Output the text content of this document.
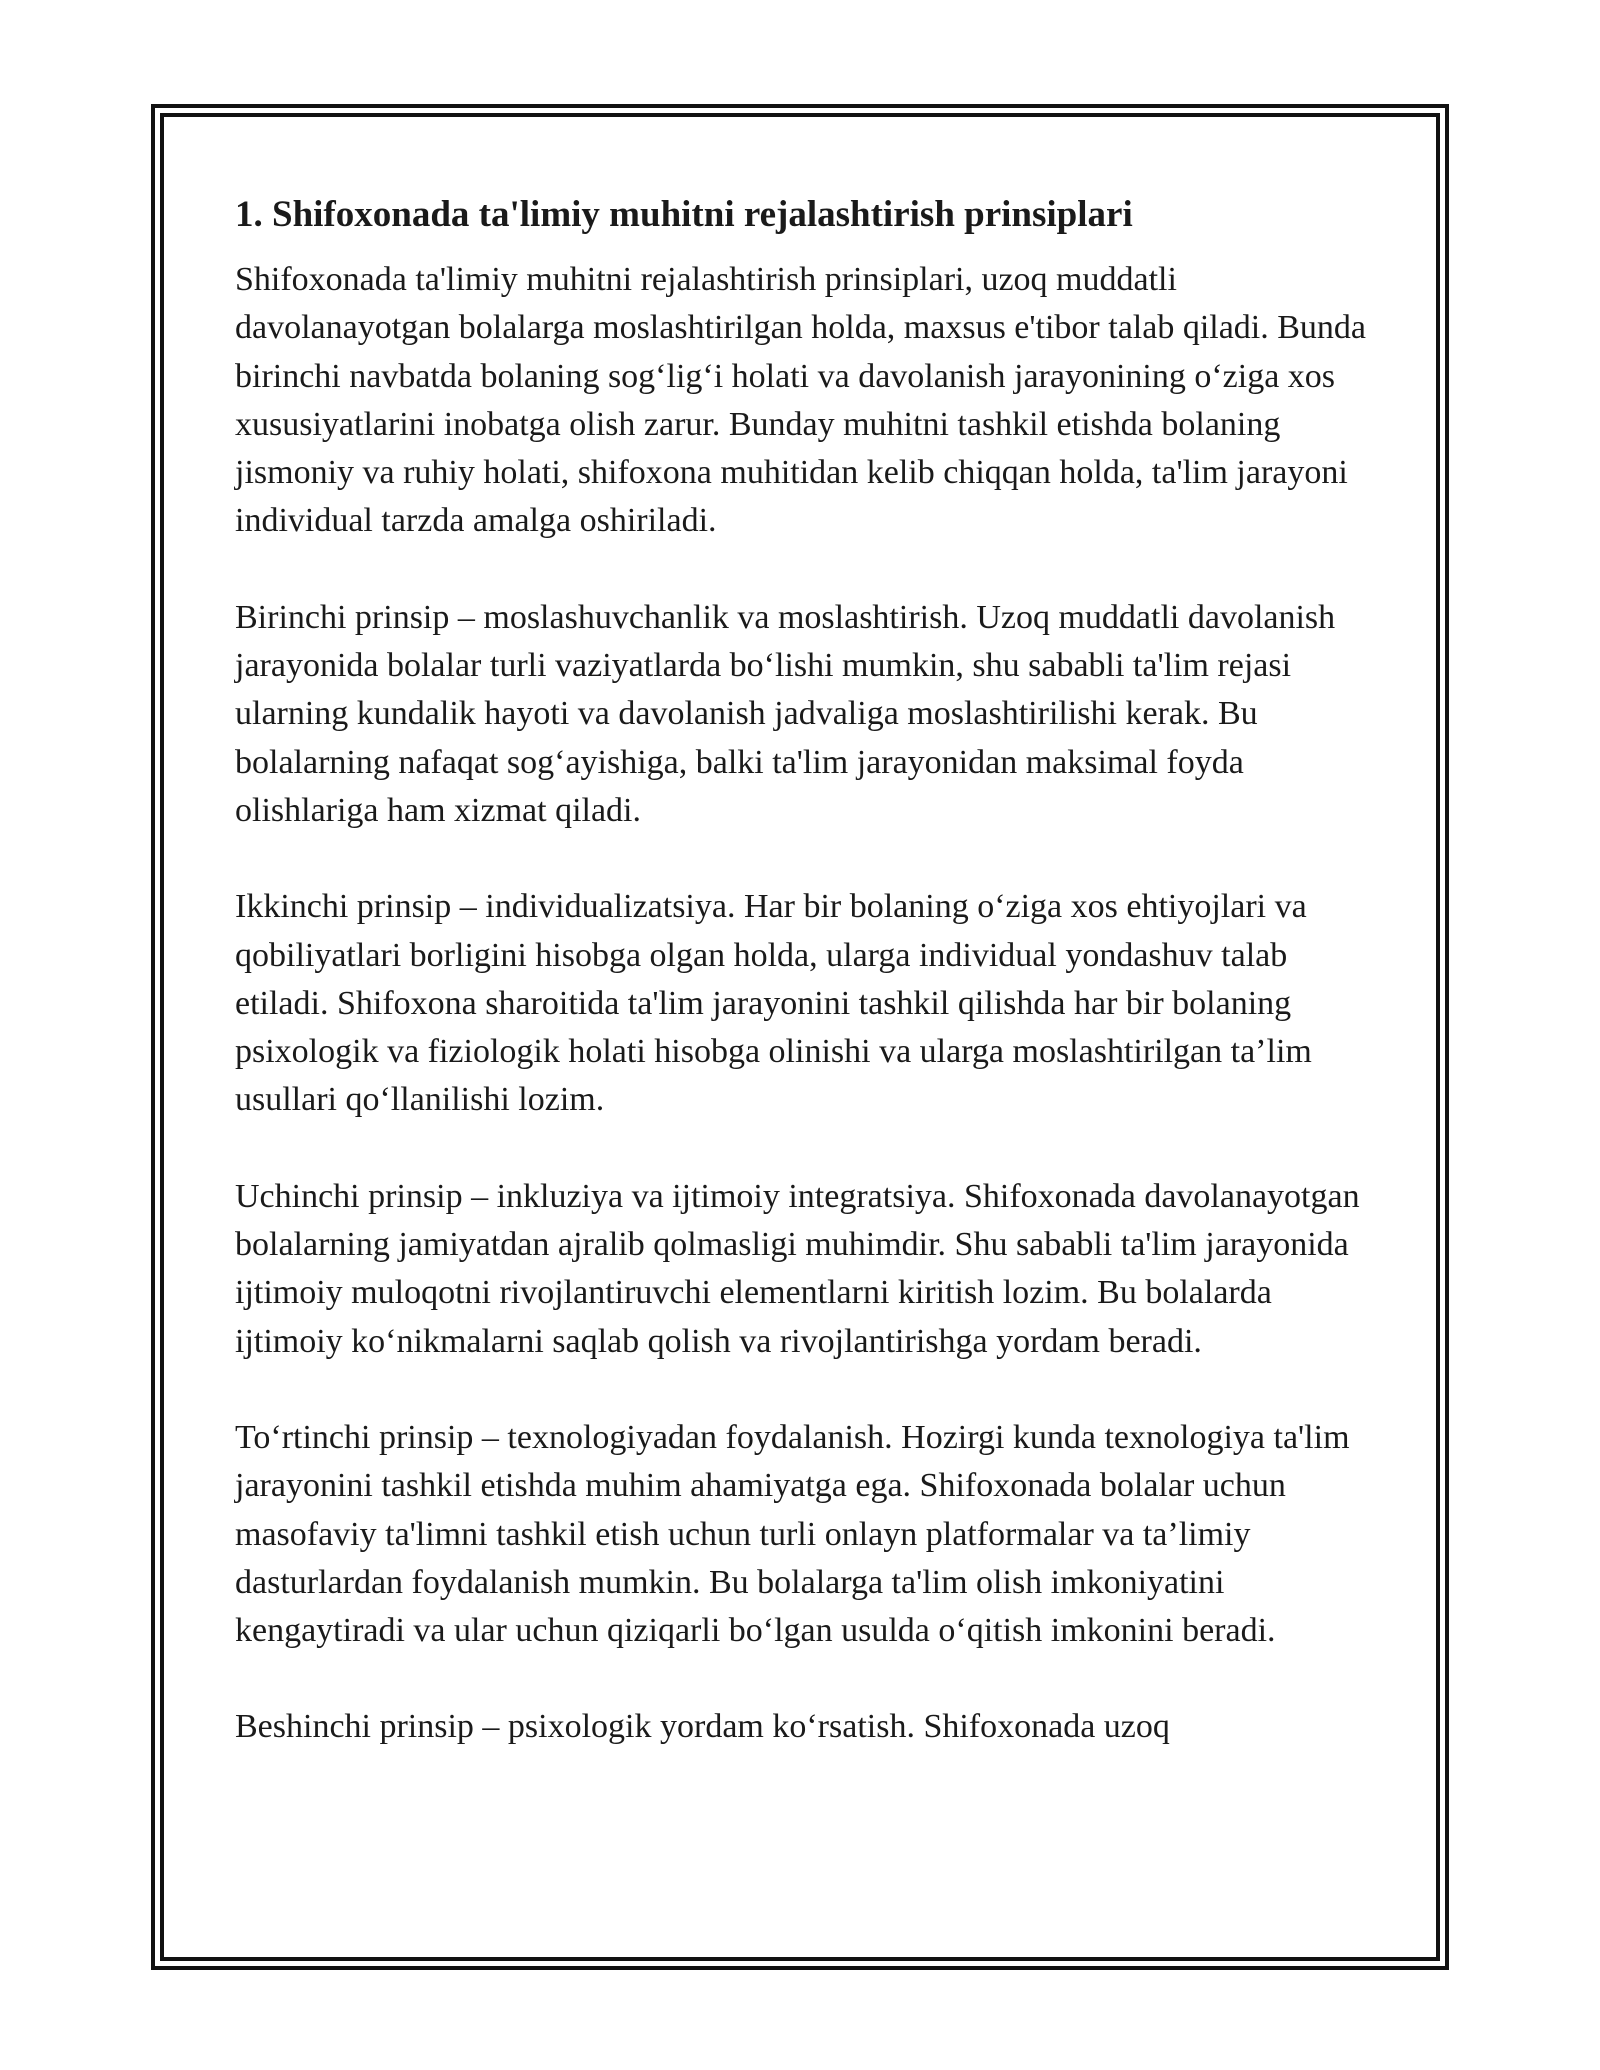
1. Shifoxonada ta'limiy muhitni rejalashtirish prinsiplari

Shifoxonada ta'limiy muhitni rejalashtirish prinsiplari, uzoq muddatli davolanayotgan bolalarga moslashtirilgan holda, maxsus e'tibor talab qiladi. Bunda birinchi navbatda bolaning sog‘lig‘i holati va davolanish jarayonining o‘ziga xos xususiyatlarini inobatga olish zarur. Bunday muhitni tashkil etishda bolaning jismoniy va ruhiy holati, shifoxona muhitidan kelib chiqqan holda, ta'lim jarayoni individual tarzda amalga oshiriladi.

Birinchi prinsip – moslashuvchanlik va moslashtirish. Uzoq muddatli davolanish jarayonida bolalar turli vaziyatlarda bo‘lishi mumkin, shu sababli ta'lim rejasi ularning kundalik hayoti va davolanish jadvaliga moslashtirilishi kerak. Bu bolalarning nafaqat sog‘ayishiga, balki ta'lim jarayonidan maksimal foyda olishlariga ham xizmat qiladi.

Ikkinchi prinsip – individualizatsiya. Har bir bolaning o‘ziga xos ehtiyojlari va qobiliyatlari borligini hisobga olgan holda, ularga individual yondashuv talab etiladi. Shifoxona sharoitida ta'lim jarayonini tashkil qilishda har bir bolaning psixologik va fiziologik holati hisobga olinishi va ularga moslashtirilgan ta’lim usullari qo‘llanilishi lozim.

Uchinchi prinsip – inkluziya va ijtimoiy integratsiya. Shifoxonada davolanayotgan bolalarning jamiyatdan ajralib qolmasligi muhimdir. Shu sababli ta'lim jarayonida ijtimoiy muloqotni rivojlantiruvchi elementlarni kiritish lozim. Bu bolalarda ijtimoiy ko‘nikmalarni saqlab qolish va rivojlantirishga yordam beradi.

To‘rtinchi prinsip – texnologiyadan foydalanish. Hozirgi kunda texnologiya ta'lim jarayonini tashkil etishda muhim ahamiyatga ega. Shifoxonada bolalar uchun masofaviy ta'limni tashkil etish uchun turli onlayn platformalar va ta’limiy dasturlardan foydalanish mumkin. Bu bolalarga ta'lim olish imkoniyatini kengaytiradi va ular uchun qiziqarli bo‘lgan usulda o‘qitish imkonini beradi.

Beshinchi prinsip – psixologik yordam ko‘rsatish. Shifoxonada uzoq
